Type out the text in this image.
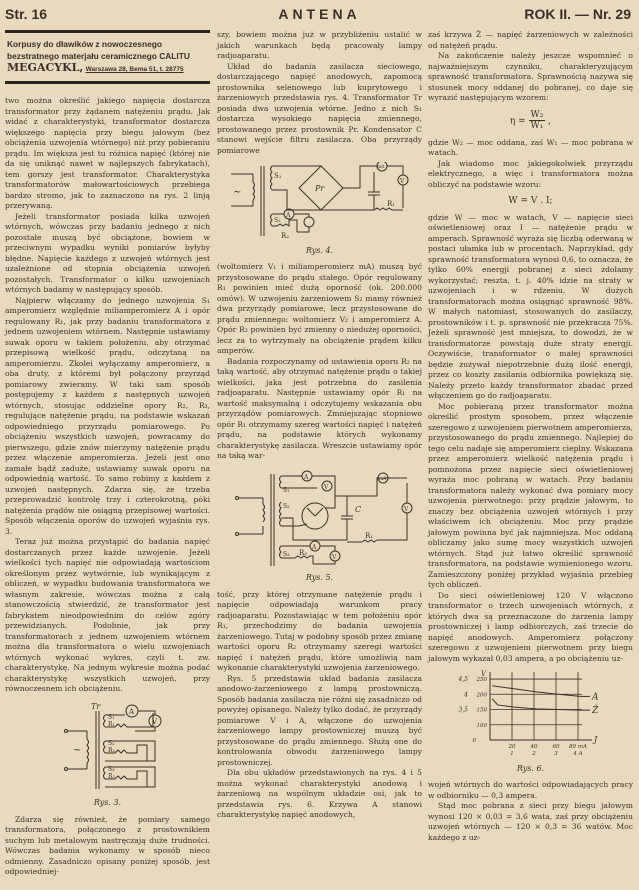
Str. 16	ANTENA	ROK II. — Nr. 29
Korpusy do dławików z nowoczesnego bezstratnego materjału ceramicznego CALITU
MEGACYKL, Warszawa 28, Bema 51, t. 28775

two można określić jakiego napięcia dostarcza transformator przy żądanem natężeniu prądu. Jak widać z charakterystyki, transformator dostarcza większego napięcia przy biegu jałowym (bez obciążenia uzwojenia wtórnego) niż przy pobieraniu prądu. Im większa jest tu różnica napięć (której nie da się uniknąć nawet w najlepszych fabrykatach), tem gorszy jest transformator. Charakterystyka transformatorów małowartościowych przebiega bardzo stromo, jak to zaznaczono na rys. 2 linją przerywaną.

Jeżeli transformator posiada kilka uzwojeń wtórnych, wówczas przy badaniu jednego z nich pozostałe muszą być obciążone, bowiem w przeciwnym wypadku wyniki pomiarów byłyby błędne. Napięcie każdego z uzwojeń wtórnych jest uzależnione od stopnia obciążenia uzwojeń pozostałych. Transformator o kilku uzwojeniach wtórnych badamy w następujący sposób.

Najpierw włączamy do jednego uzwojenia S₁ amperomierz względnie miliamperomierz A i opór regulowany R₁, jak przy badaniu transformatora z jednem uzwojeniem wtórnem. Następnie ustawiamy suwak oporu w takiem położeniu, aby otrzymać przepisową wielkość prądu, odczytaną na amperomierzu. Zkolei wyłączamy amperomierz, a oba druty, z któremi był połączony przyrząd pomiarowy zwieramy. W taki sam sposób postępujemy z każdem z następnych uzwojeń wtórnych, stosując oddzielne opory R₂, R₃, regulujące natężenie prądu, na podstawie wskazań odpowiedniego przyrządu pomiarowego. Po obciążeniu wszystkich uzwojeń, powracamy do pierwszego, gdzie znów mierzymy natężenie prądu przez włączenie amperomierza. Jeżeli jest ono zamałe bądź zaduże, ustawiamy suwak oporu na odpowiednią wartość. To samo robimy z każdem z uzwojeń następnych. Zdarza się, że trzeba przeprowadzić kontrolę trzy i czterokrotną, póki natężenia prądów nie osiągną przepisowej wartości. Sposób włączenia oporów do uzwojeń wyjaśnia rys. 3.

Teraz już można przystąpić do badania napięć dostarczanych przez każde uzwojenie. Jeżeli wielkości tych napięć nie odpowiadają wartościom określonym przez wytwórnie, lub wynikającym z obliczeń, w wypadku budowania transformatora we własnym zakresie, wówczas można z całą stanowczością stwierdzić, że transformator jest fabrykatem nieodpowiednim do celów zgóry przewidzianych. Podobnie, jak przy transformatorach z jednem uzwojeniem wtórnem można dla transformatora o wielu uzwojeniach wtórnych wykonać wykres, czyli t. zw. charakterystykę. Na jednym wykresie można podać charakterystykę wszystkich uzwojeń, przy równoczesnem ich obciążeniu.

Tr
S₁
S₂
S₃
R₁
R₂
R₃
A
V
~
Rys. 3.

Zdarza się również, że pomiary samego transformatora, połączonego z prostownikiem suchym lub metalowym nastręczają duże trudności. Wówczas badania wykonamy w sposób nieco odmienny. Zasadniczo opisany poniżej sposób, jest odpowiedniej-

szy, bowiem można już w przybliżeniu ustalić w jakich warunkach będą pracowały lampy radjoaparatu.

Układ do badania zasilacza sieciowego, dostarczającego napięć anodowych, zapomocą prostownika selenowego lub kuprytowego i żarzeniowych przedstawia rys. 4. Transformator Tr posiada dwa uzwojenia wtórne. Jedno z nich S₁ dostarcza wysokiego napięcia zmiennego, prostowanego przez prostownik Pr. Kondensator C stanowi wejście filtru zasilacza. Oba przyrządy pomiarowe

S₁
Pr
mA
V
R₁
A
S₂
R₂
~
Rys. 4.

(woltomierz V₁ i miliamperomierz mA) muszą być przystosowane do prądu stałego. Opór regulowany R₁ powinien mieć dużą oporność (ok. 200.000 omów). W uzwojeniu żarzeniowem S₂ mamy również dwa przyrządy pomiarowe, lecz przystosowane do prądu zmiennego: woltomierz V₂ i amperomierz A. Opór R₂ powinien być zmienny o niedużej oporności, lecz za to wytrzymały na obciążenie prądem kilku amperów.

Badania rozpoczynamy od ustawienia oporu R₂ na taką wartość, aby otrzymać natężenie prądu o takiej wielkości, jaka jest potrzebna do zasilenia radjoaparatu. Następnie ustawiamy opór R₁ na wartość maksymalną i odczytujemy wskazania obu przyrządów pomiarowych. Zmniejszając stopniowo opór R₁ otrzymamy szereg wartości napięć i natężeń prądu, na podstawie których wykonamy charakterystykę zasilacza. Wreszcie ustawiamy opór na taką war-

A
V
S₁
S₂	C
mA
V
R₁
A
S₃ R₃
V
Rys. 5.

tość, przy której otrzymane natężenie prądu i napięcie odpowiadają warunkom pracy radjoaparatu. Pozostawiając w tem położeniu opór R₁, przechodzimy do badania uzwojenia żarzeniowego. Tutaj w podobny sposób przez zmianę wartości oporu R₂ otrzymamy szeregi wartości napięć i natężeń prądu, które umożliwią nam wykonanie charakterystyki uzwojenia żarzeniowego.

Rys. 5 przedstawia układ badania zasilacza anodowo-żarzeniowego z lampą prostowniczą. Sposób badania zasilacza nie różni się zasadniczo od powyżej opisanego. Należy tylko dodać, że przyrządy pomiarowe V i A, włączone do uzwojenia żarzeniowego lampy prostowniczej muszą być przystosowane do prądu zmiennego. Służą one do kontrolowania obwodu żarzeniowego lampy prostowniczej.

Dla obu układów przedstawionych na rys. 4 i 5 można wykonać charakterystyki anodową i żarzeniową na wspólnym układzie osi, jak to przedstawia rys. 6. Krzywa A stanowi charakterystykę napięć anodowych,

zaś krzywa Ż — napięć żarzeniowych w zależności od natężeń prądu.

Na zakończenie należy jeszcze wspomnieć o najważniejszym czynniku, charakteryzującym sprawność transformatora. Sprawnością nazywa się stosunek mocy oddanej do pobranej, co daje się wyrazić następującym wzorem:

$\eta = \frac{\text{W₂}}{\text{W₁}}$ ,

gdzie W₂ — moc oddana, zaś W₁ — moc pobrana w watach.

Jak wiadomo moc jakiegokolwiek przyrządu elektrycznego, a więc i transformatora można obliczyć na podstawie wzoru:

W = V . I;

gdzie W — moc w watach, V — napięcie sieci oświetleniowej oraz I — natężenie prądu w amperach. Sprawność wyraża się liczbą oderwaną w postaci ułamka lub w procentach. Naprzykład, gdy sprawność transformatora wynosi 0,6, to oznacza, że tylko 60% energji pobranej z sieci zdołamy wykorzystać; reszta, t. j. 40% idzie na straty w uzwojeniach i w rdzeniu. W dużych transformatorach można osiągnąć sprawność 98%. W małych natomiast, stosowanych do zasilaczy, prostowników i t. p. sprawność nie przekracza 75%. Jeżeli sprawność jest mniejsza, to dowodzi, że w transformatorze powstają duże straty energji. Oczywiście, transformator o małej sprawności będzie zużywał niepotrzebnie dużą ilość energji, przez co koszty zasilania odbiornika powiększą się. Należy przeto każdy transformator zbadać przed włączeniem go do radjoaparatu.

Moc pobieraną przez transformator można określić prostym sposobem, przez włączenie szeregowo z uzwojeniem pierwotnem amperomierza, przystosowanego do prądu zmiennego. Najlepiej do tego celu nadaje się amperomierz cieplny. Wskazana przez amperomierz wielkość natężenia prądu i pomnożona przez napięcie sieci oświetleniowej wyraża moc pobraną w watach. Przy badaniu transformatora należy wykonać dwa pomiary mocy uzwojenia pierwotnego: przy prądzie jałowym, to znaczy bez obciążenia uzwojeń wtórnych i przy właściwem ich obciążeniu. Moc przy prądzie jałowym powinna być jak najmniejsza. Moc oddaną obliczamy jako sumę mocy wszystkich uzwojeń wtórnych. Stąd już łatwo określić sprawność transformatora, na podstawie wymienionego wzoru. Zamieszczony poniżej przykład wyjaśnia przebieg tych obliczeń.

Do sieci oświetleniowej 120 V włączono transformator o trzech uzwojeniach wtórnych, z których dwa są przeznaczone do żarzenia lampy prostowniczej i lamp odbiorczych, zaś trzecie do napięć anodowych. Amperomierz połączony szeregowo z uzwojeniem pierwotnem przy biegu jałowym wykazał 0,03 ampera, a po obciążeniu uz-

V
J
250
4,5
200
4
150
3,5
100
0
20
1
40
2
60
3
80 mA
4 A
A
Ż
Rys. 6.

wojeń wtórnych do wartości odpowiadających pracy w odbiorniku — 0,3 ampera.

Stąd moc pobrana z sieci przy biegu jałowym wynosi 120 × 0,03 = 3,6 wata, zaś przy obciążeniu uzwojeń wtórnych — 120 × 0,3 = 36 watów. Moc każdego z uz-
